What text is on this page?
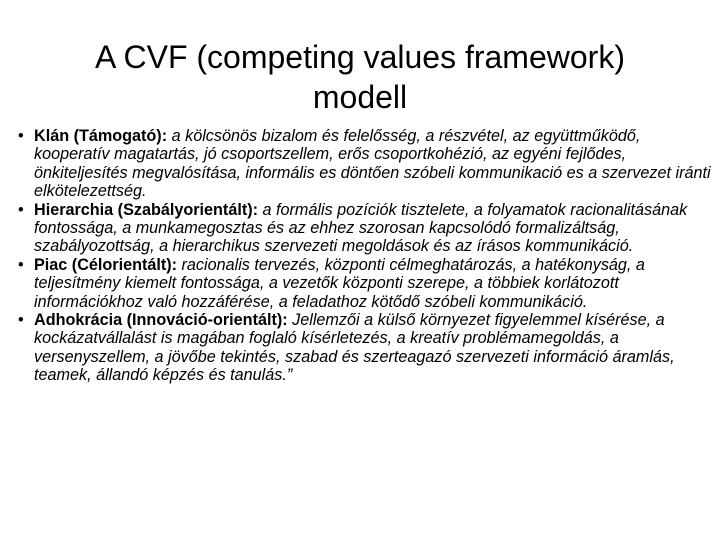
A CVF (competing values framework)
modell
• Klán (Támogató): a kölcsönös bizalom és felelősség, a részvétel, az együttműködő, kooperatív magatartás, jó csoportszellem, erős csoportkohézió, az egyéni fejlődes, önkiteljesítés megvalósítása, informális es döntően szóbeli kommunikació es a szervezet iránti elkötelezettség.
• Hierarchia (Szabályorientált): a formális pozíciók tisztelete, a folyamatok racionalitásának fontossága, a munkamegosztas és az ehhez szorosan kapcsolódó formalizáltság, szabályozottság, a hierarchikus szervezeti megoldások és az írásos kommunikáció.
• Piac (Célorientált): racionalis tervezés, központi célmeghatározás, a hatékonyság, a teljesítmény kiemelt fontossága, a vezetők központi szerepe, a többiek korlátozott információkhoz való hozzáférése, a feladathoz kötődő szóbeli kommunikáció.
• Adhokrácia (Innováció-orientált): Jellemzői a külső környezet figyelemmel kísérése, a kockázatvállalást is magában foglaló kísérletezés, a kreatív problémamegoldás, a versenyszellem, a jövőbe tekintés, szabad és szerteagazó szervezeti információ áramlás, teamek, állandó képzés és tanulás.”
